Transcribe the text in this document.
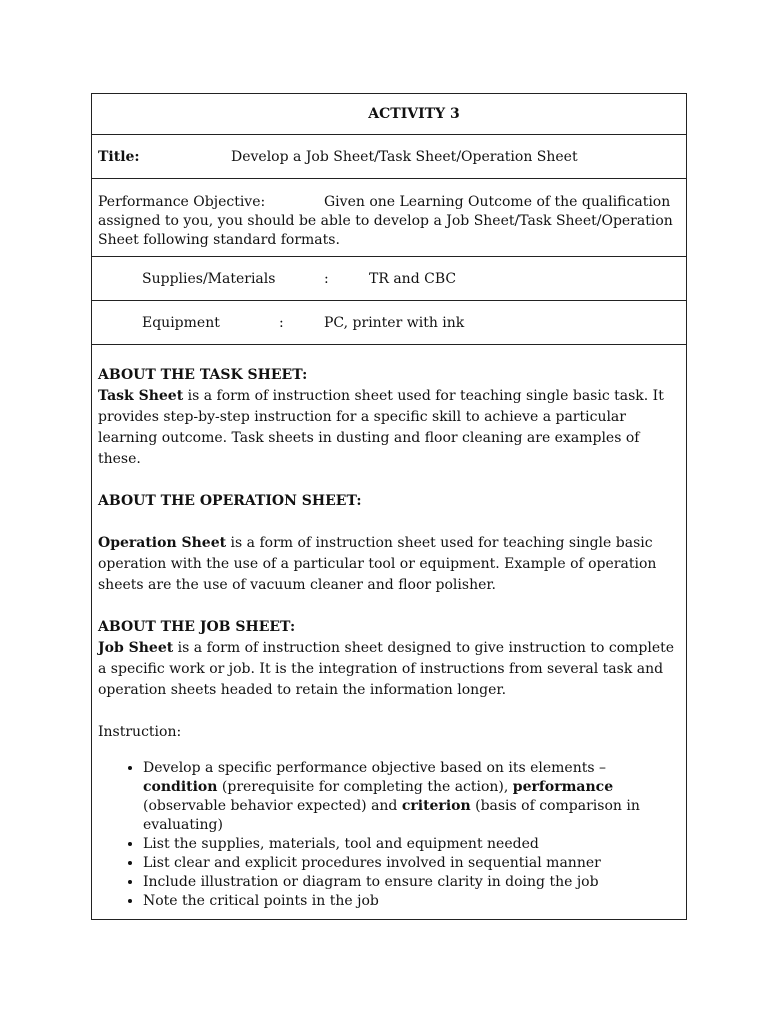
ACTIVITY 3
Title:	Develop a Job Sheet/Task Sheet/Operation Sheet
Performance Objective:	Given one Learning Outcome of the qualification assigned to you, you should be able to develop a Job Sheet/Task Sheet/Operation Sheet following standard formats.
Supplies/Materials	:	TR and CBC
Equipment	:	PC, printer with ink
ABOUT THE TASK SHEET:

Task Sheet is a form of instruction sheet used for teaching single basic task. It provides step-by-step instruction for a specific skill to achieve a particular learning outcome. Task sheets in dusting and floor cleaning are examples of these.

ABOUT THE OPERATION SHEET:

Operation Sheet is a form of instruction sheet used for teaching single basic operation with the use of a particular tool or equipment. Example of operation sheets are the use of vacuum cleaner and floor polisher.

ABOUT THE JOB SHEET:

Job Sheet is a form of instruction sheet designed to give instruction to complete a specific work or job. It is the integration of instructions from several task and operation sheets headed to retain the information longer.

Instruction:
• Develop a specific performance objective based on its elements – condition (prerequisite for completing the action), performance (observable behavior expected) and criterion (basis of comparison in evaluating)
• List the supplies, materials, tool and equipment needed
• List clear and explicit procedures involved in sequential manner
• Include illustration or diagram to ensure clarity in doing the job
• Note the critical points in the job
